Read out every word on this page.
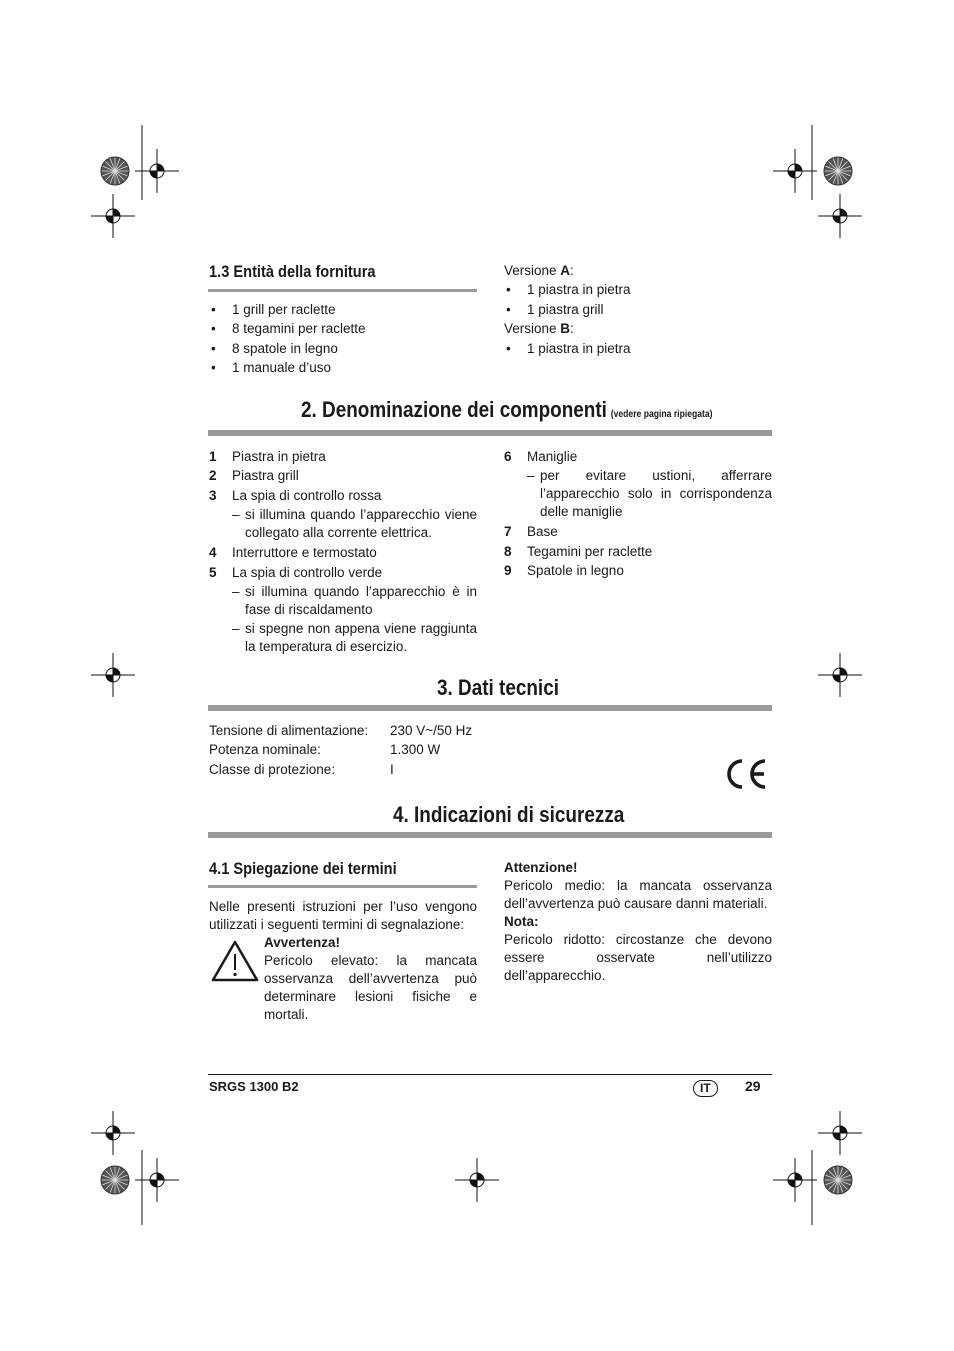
1.3 Entità della fornitura
• 1 grill per raclette
• 8 tegamini per raclette
• 8 spatole in legno
• 1 manuale d’uso
Versione A:
• 1 piastra in pietra
• 1 piastra grill
Versione B:
• 1 piastra in pietra
2. Denominazione dei componenti (vedere pagina ripiegata)
1 Piastra in pietra
2 Piastra grill
3 La spia di controllo rossa
– si illumina quando l’apparecchio viene collegato alla corrente elettrica.
4 Interruttore e termostato
5 La spia di controllo verde
– si illumina quando l’apparecchio è in fase di riscaldamento
– si spegne non appena viene raggiunta la temperatura di esercizio.
6 Maniglie
– per evitare ustioni, afferrare l’apparecchio solo in corrispondenza delle maniglie
7 Base
8 Tegamini per raclette
9 Spatole in legno
3. Dati tecnici
Tensione di alimentazione: 230 V~/50 Hz
Potenza nominale:	1.300 W
Classe di protezione:	I
4. Indicazioni di sicurezza
4.1 Spiegazione dei termini
Nelle presenti istruzioni per l’uso vengono utilizzati i seguenti termini di segnalazione:
Avvertenza!
Pericolo elevato: la mancata osservanza dell’avvertenza può determinare lesioni fisiche e mortali.
Attenzione!
Pericolo medio: la mancata osservanza dell’avvertenza può causare danni materiali.
Nota:
Pericolo ridotto: circostanze che devono essere osservate nell’utilizzo dell’apparecchio.
SRGS 1300 B2	IT	29
